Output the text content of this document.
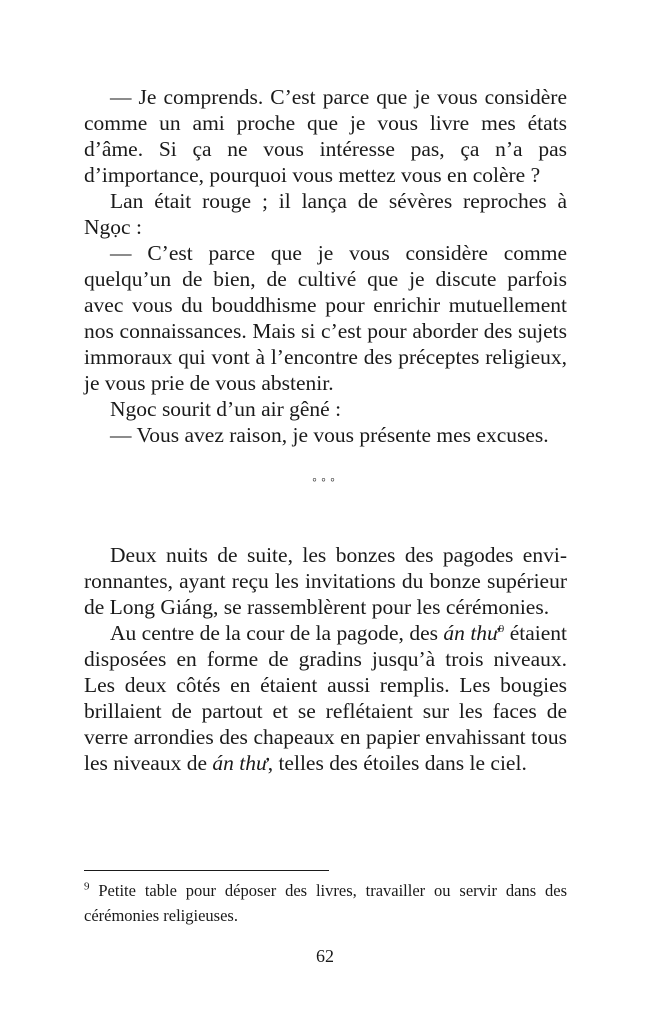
— Je comprends. C’est parce que je vous considère comme un ami proche que je vous livre mes états d’âme. Si ça ne vous intéresse pas, ça n’a pas d’importance, pourquoi vous mettez vous en colère ?

Lan était rouge ; il lança de sévères reproches à Ngọc :

— C’est parce que je vous considère comme quelqu’un de bien, de cultivé que je discute parfois avec vous du bouddhisme pour enrichir mutuellement nos connaissances. Mais si c’est pour aborder des sujets immoraux qui vont à l’encontre des préceptes religieux, je vous prie de vous abstenir.

Ngoc sourit d’un air gêné :

— Vous avez raison, je vous présente mes excuses.

◦◦◦

Deux nuits de suite, les bonzes des pagodes environnantes, ayant reçu les invitations du bonze supérieur de Long Giáng, se rassemblèrent pour les cérémonies.

Au centre de la cour de la pagode, des án thư$^9$ étaient disposées en forme de gradins jusqu’à trois niveaux. Les deux côtés en étaient aussi remplis. Les bougies brillaient de partout et se reflétaient sur les faces de verre arrondies des chapeaux en papier envahissant tous les niveaux de án thư, telles des étoiles dans le ciel.

$^9$ Petite table pour déposer des livres, travailler ou servir dans des cérémonies religieuses.

62
